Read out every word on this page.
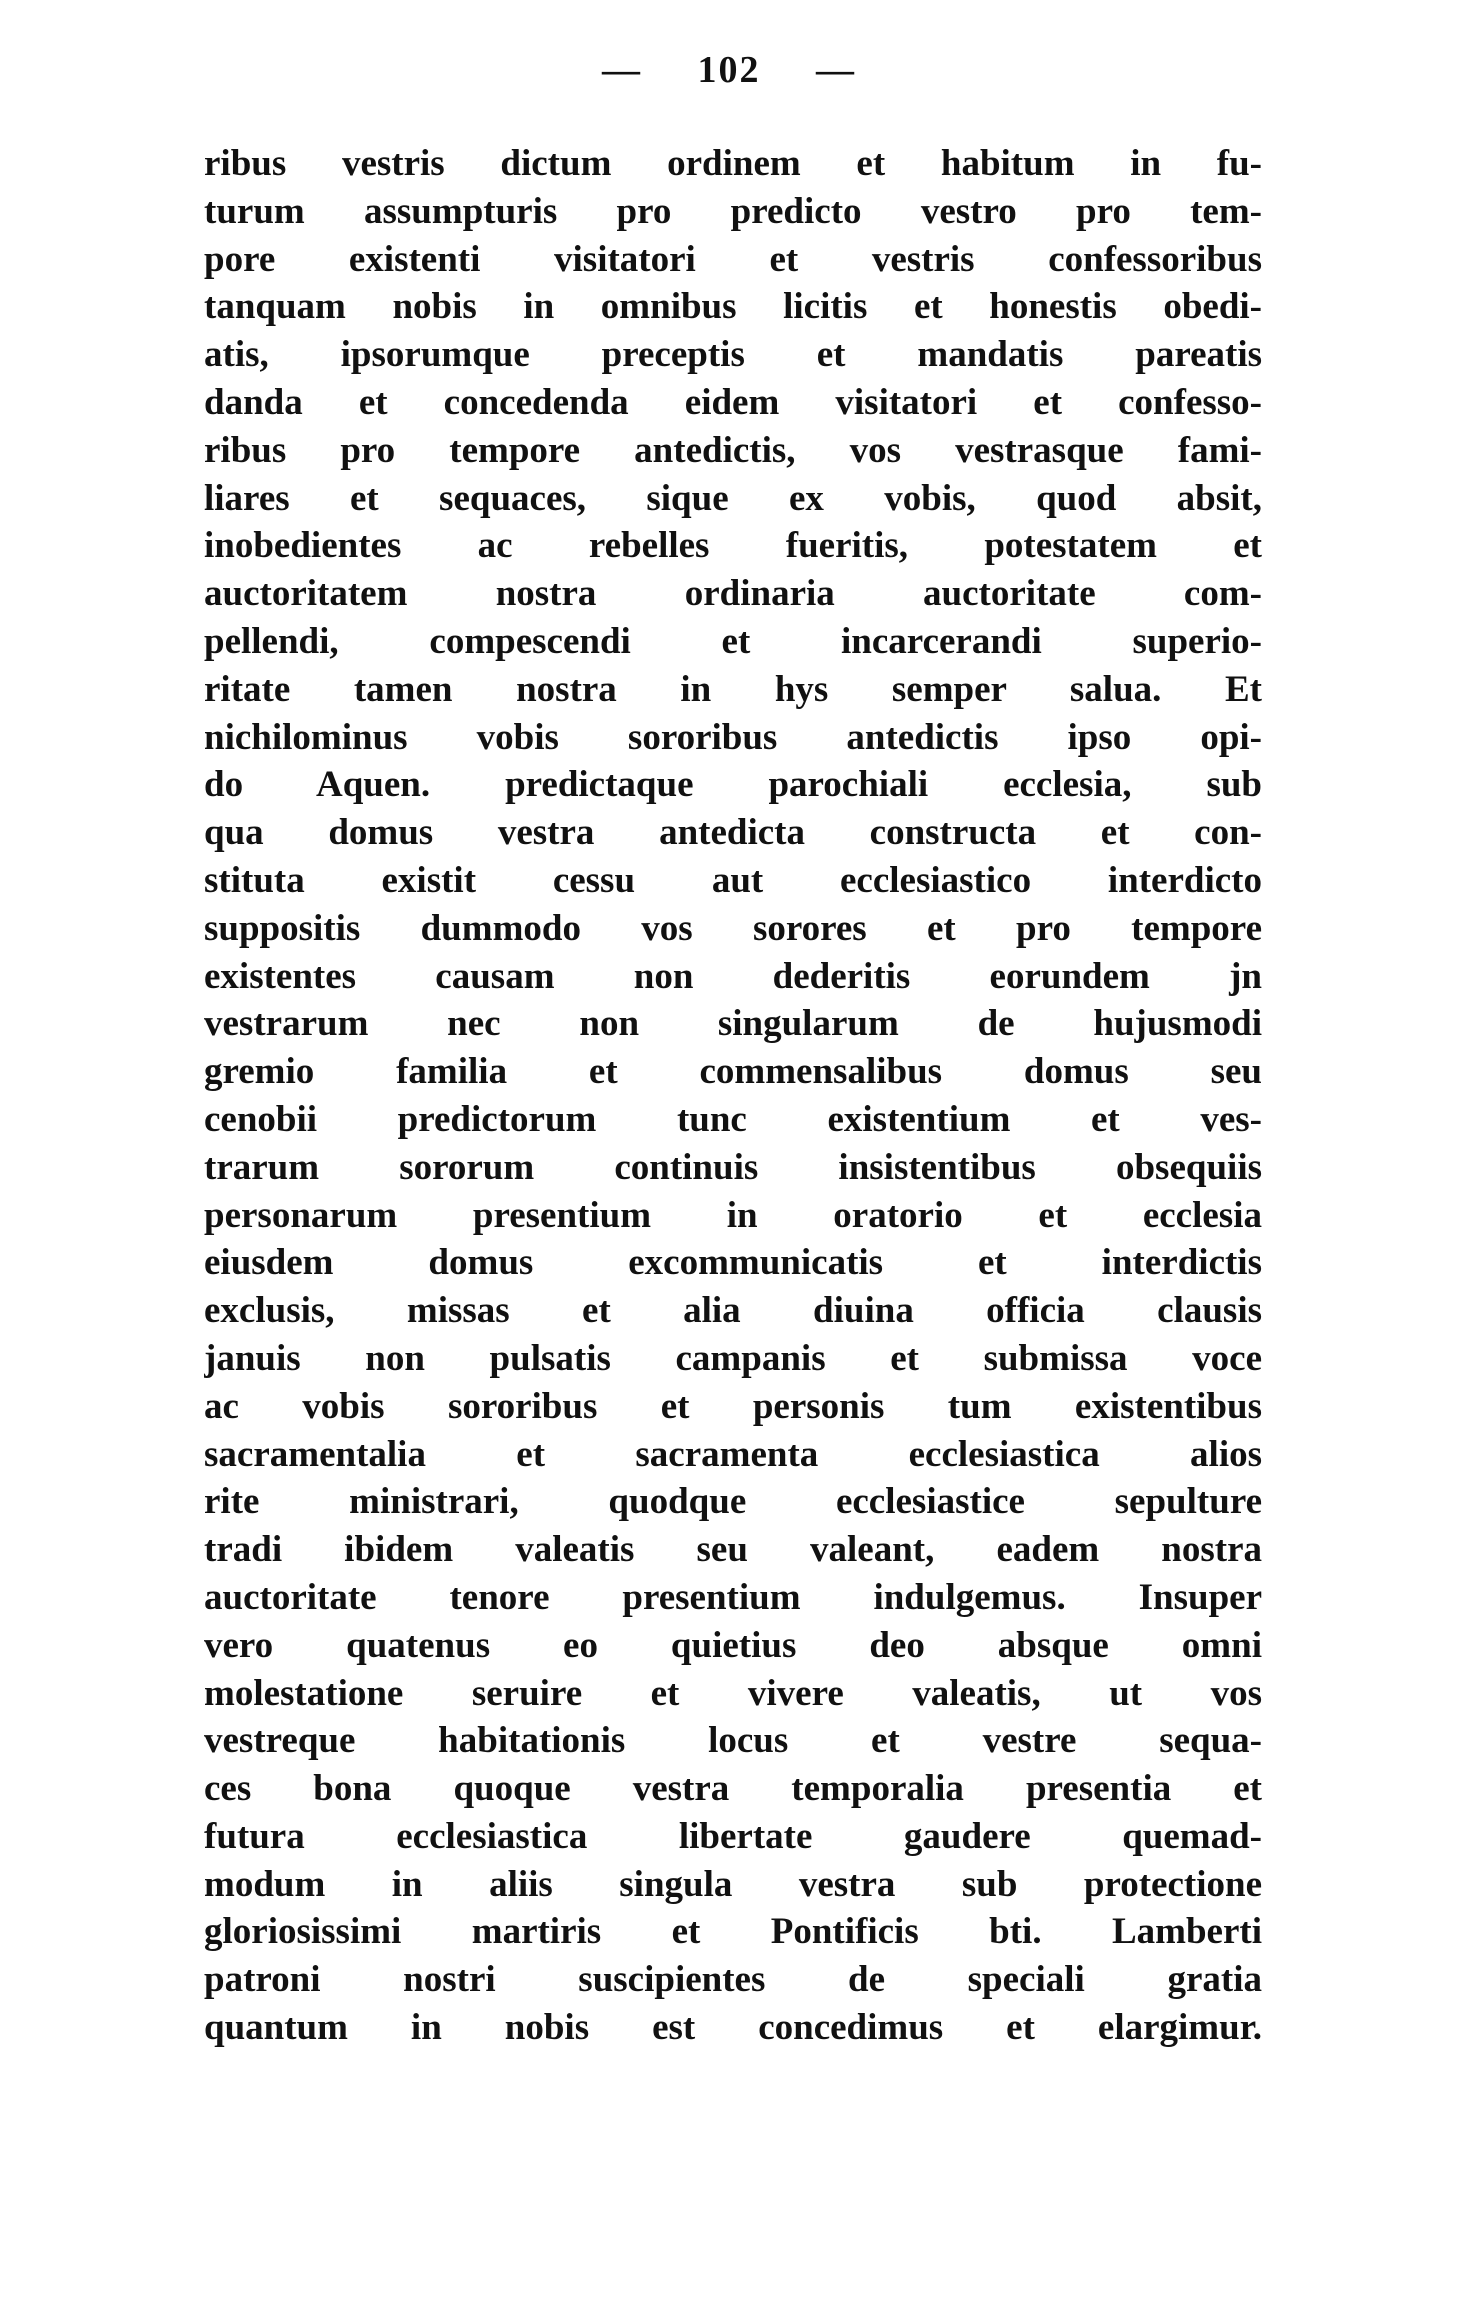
— 102 —
ribus vestris dictum ordinem et habitum in fu-
turum assumpturis pro predicto vestro pro tem-
pore existenti visitatori et vestris confessoribus
tanquam nobis in omnibus licitis et honestis obedi-
atis, ipsorumque preceptis et mandatis pareatis
danda et concedenda eidem visitatori et confesso-
ribus pro tempore antedictis, vos vestrasque fami-
liares et sequaces, sique ex vobis, quod absit,
inobedientes ac rebelles fueritis, potestatem et
auctoritatem nostra ordinaria auctoritate com-
pellendi, compescendi et incarcerandi superio-
ritate tamen nostra in hys semper salua. Et
nichilominus vobis sororibus antedictis ipso opi-
do Aquen. predictaque parochiali ecclesia, sub
qua domus vestra antedicta constructa et con-
stituta existit cessu aut ecclesiastico interdicto
suppositis dummodo vos sorores et pro tempore
existentes causam non dederitis eorundem jn
vestrarum nec non singularum de hujusmodi
gremio familia et commensalibus domus seu
cenobii predictorum tunc existentium et ves-
trarum sororum continuis insistentibus obsequiis
personarum presentium in oratorio et ecclesia
eiusdem domus excommunicatis et interdictis
exclusis, missas et alia diuina officia clausis
januis non pulsatis campanis et submissa voce
ac vobis sororibus et personis tum existentibus
sacramentalia et sacramenta ecclesiastica alios
rite ministrari, quodque ecclesiastice sepulture
tradi ibidem valeatis seu valeant, eadem nostra
auctoritate tenore presentium indulgemus. Insuper
vero quatenus eo quietius deo absque omni
molestatione seruire et vivere valeatis, ut vos
vestreque habitationis locus et vestre sequa-
ces bona quoque vestra temporalia presentia et
futura ecclesiastica libertate gaudere quemad-
modum in aliis singula vestra sub protectione
gloriosissimi martiris et Pontificis bti. Lamberti
patroni nostri suscipientes de speciali gratia
quantum in nobis est concedimus et elargimur.
